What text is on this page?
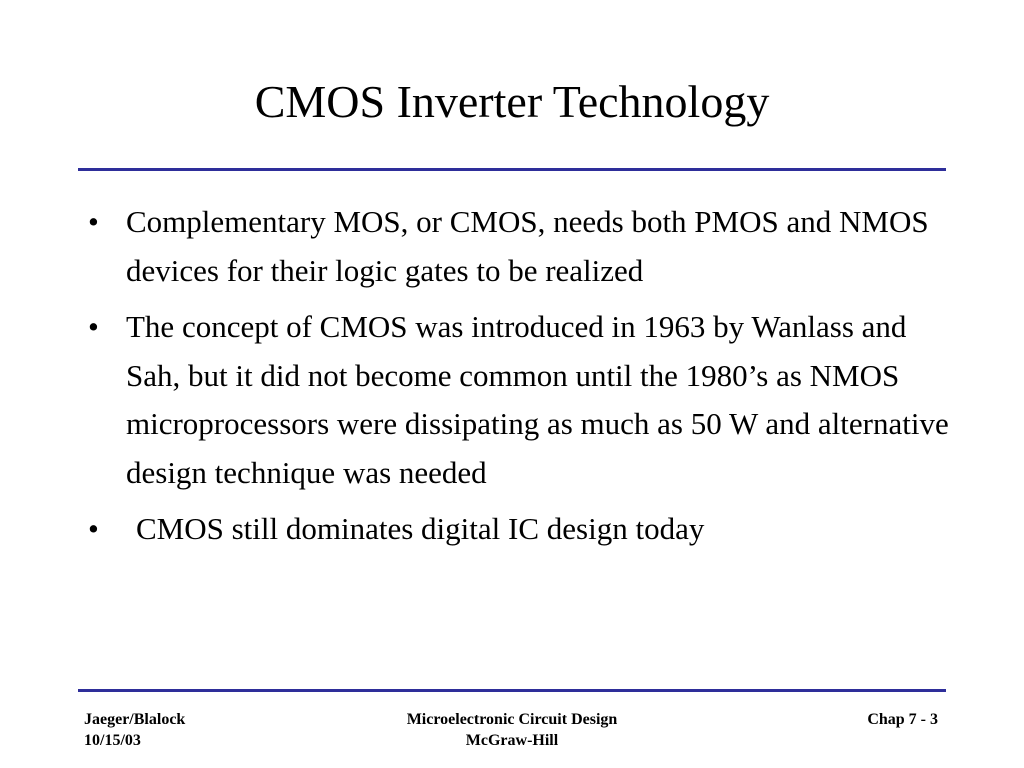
CMOS Inverter Technology
• Complementary MOS, or CMOS, needs both PMOS and NMOS devices for their logic gates to be realized
• The concept of CMOS was introduced in 1963 by Wanlass and Sah, but it did not become common until the 1980’s as NMOS microprocessors were dissipating as much as 50 W and alternative design technique was needed
• CMOS still dominates digital IC design today
Jaeger/Blalock
10/15/03
Microelectronic Circuit Design
McGraw-Hill
Chap 7 - 3
